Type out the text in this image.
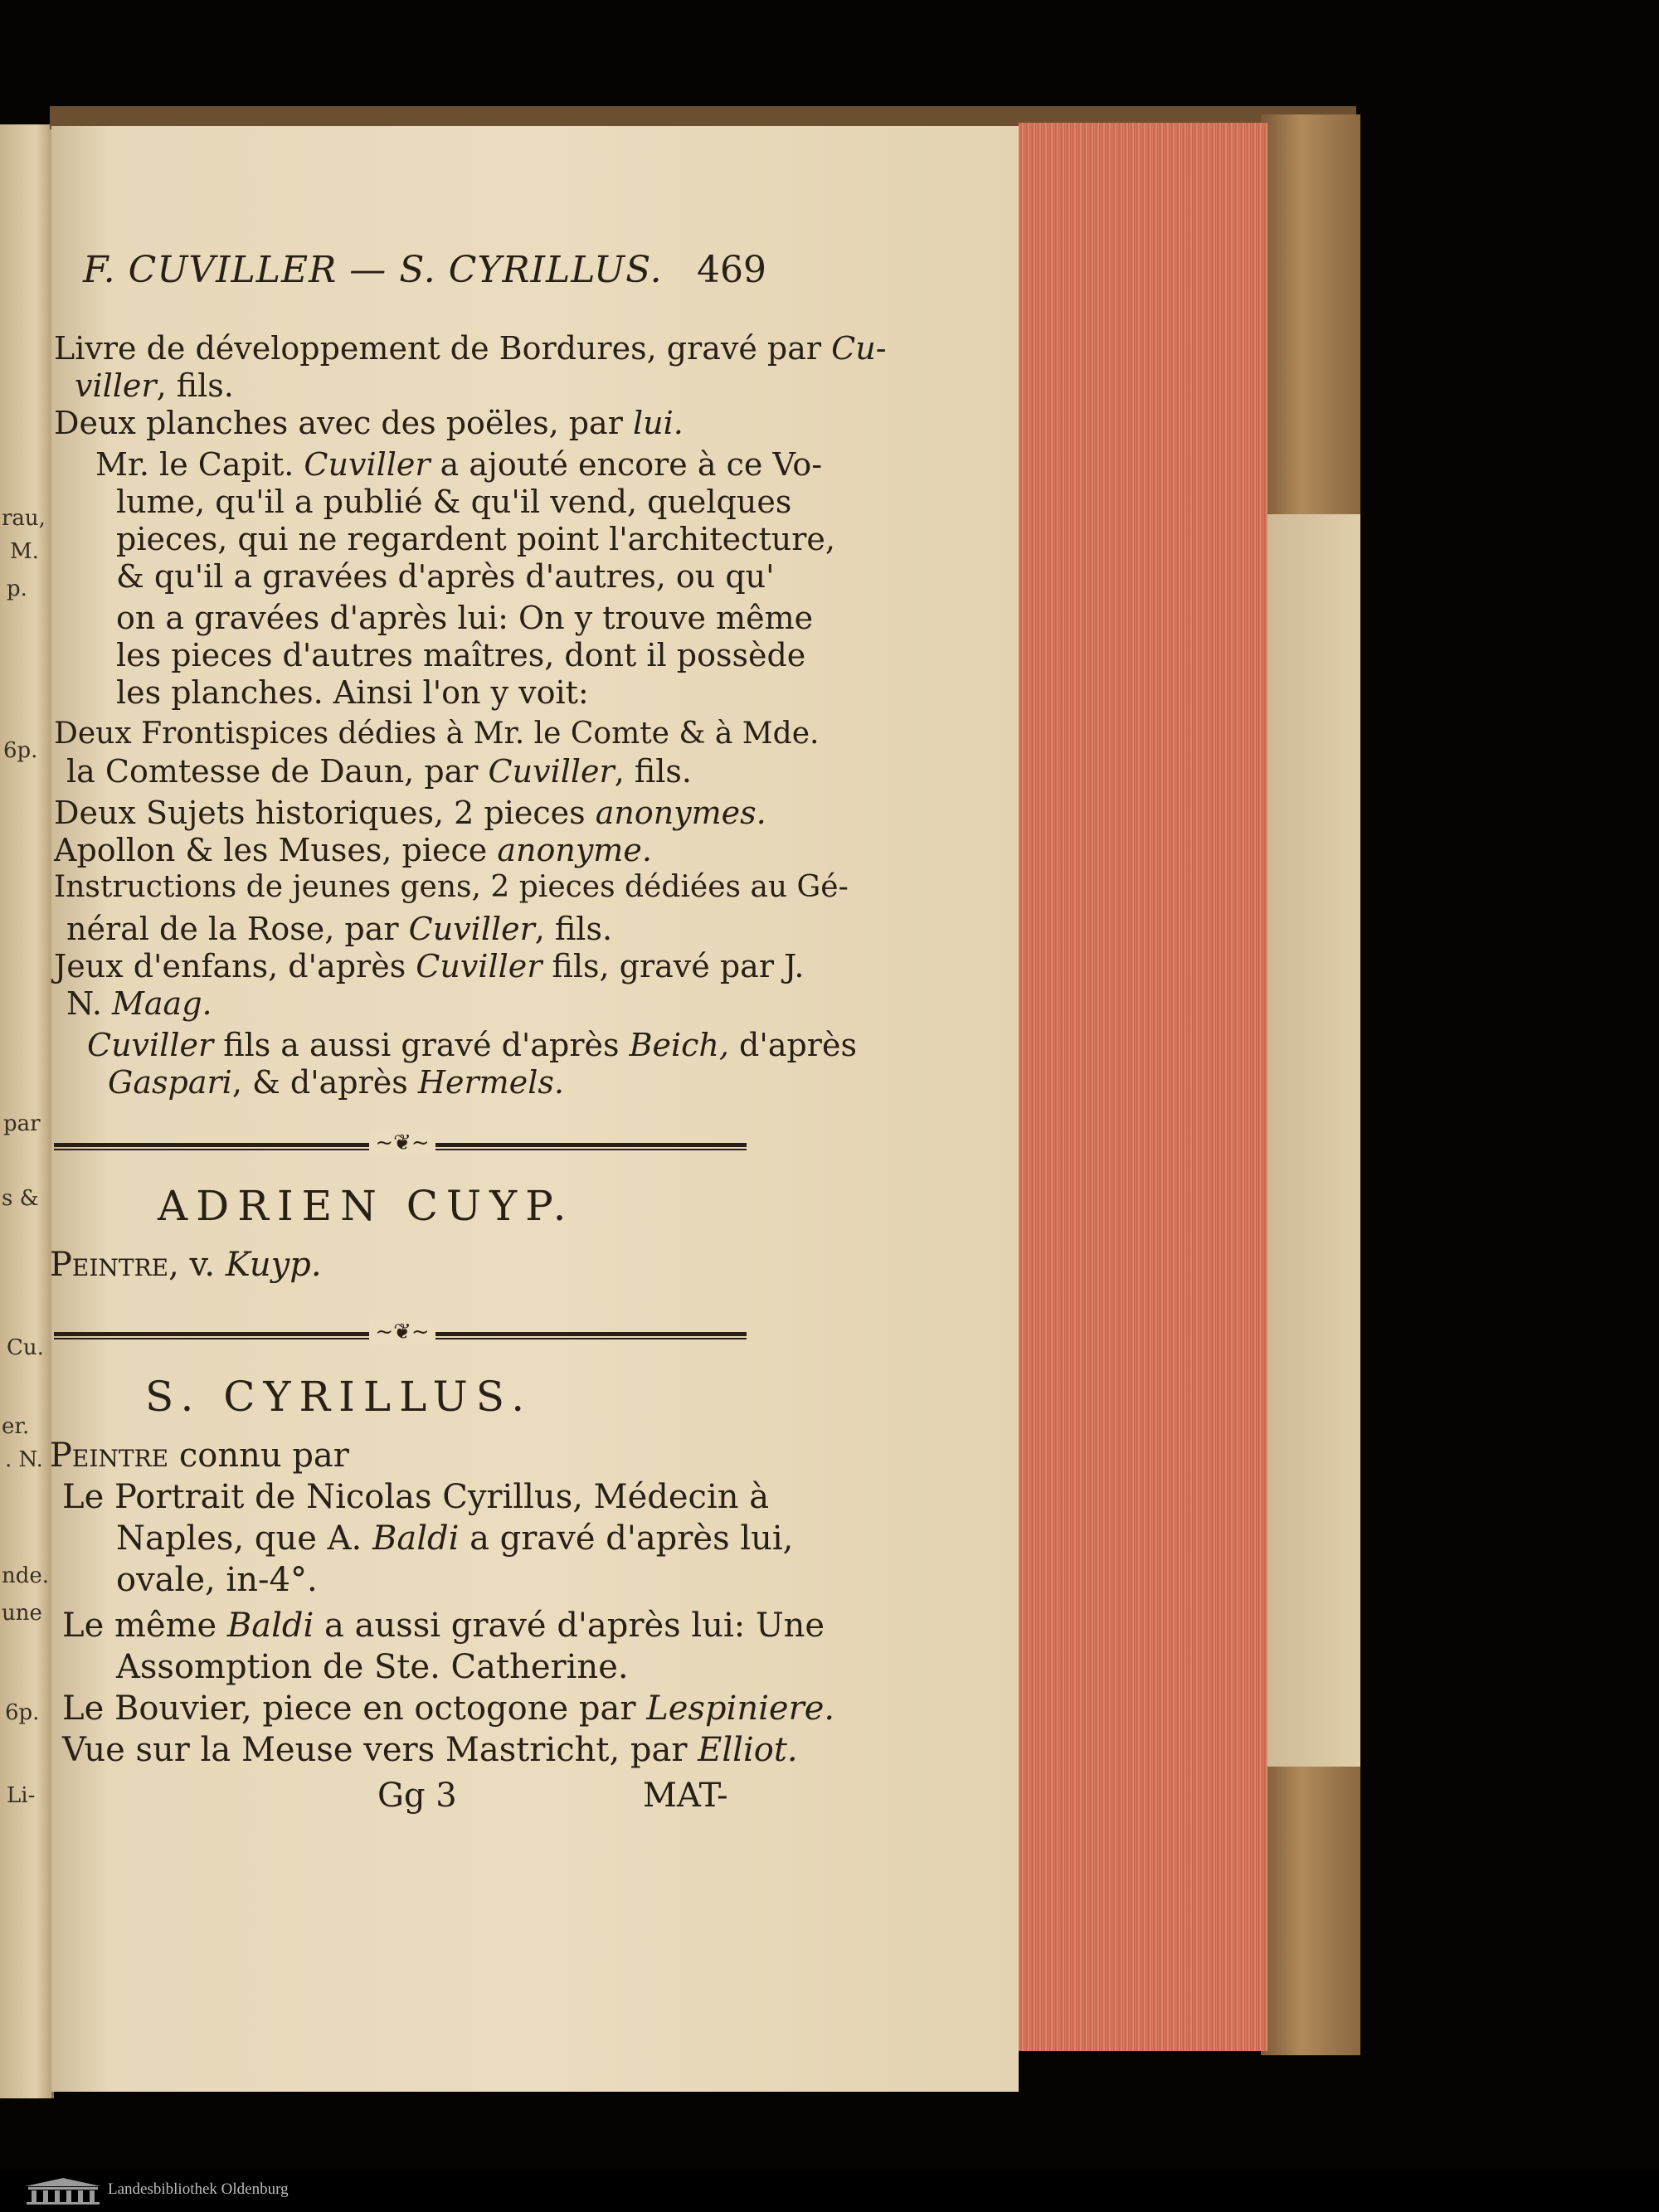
rau,
M.
p.
6p.
par
s &
Cu.
er.
. N.
nde.
une
6p.
Li-
F. CUVILLER — S. CYRILLUS. 469
Livre de développement de Bordures, gravé par Cu-
viller, fils.
Deux planches avec des poëles, par lui.
Mr. le Capit. Cuviller a ajouté encore à ce Vo-
lume, qu'il a publié & qu'il vend, quelques
pieces, qui ne regardent point l'architecture,
& qu'il a gravées d'après d'autres, ou qu'
on a gravées d'après lui: On y trouve même
les pieces d'autres maîtres, dont il possède
les planches. Ainsi l'on y voit:
Deux Frontispices dédies à Mr. le Comte & à Mde.
la Comtesse de Daun, par Cuviller, fils.
Deux Sujets historiques, 2 pieces anonymes.
Apollon & les Muses, piece anonyme.
Instructions de jeunes gens, 2 pieces dédiées au Gé-
néral de la Rose, par Cuviller, fils.
Jeux d'enfans, d'après Cuviller fils, gravé par J.
N. Maag.
Cuviller fils a aussi gravé d'après Beich, d'après
Gaspari, & d'après Hermels.
~❦~
ADRIEN CUYP.
Peintre, v. Kuyp.
~❦~
S. CYRILLUS.
Peintre connu par
Le Portrait de Nicolas Cyrillus, Médecin à
Naples, que A. Baldi a gravé d'après lui,
ovale, in-4°.
Le même Baldi a aussi gravé d'après lui: Une
Assomption de Ste. Catherine.
Le Bouvier, piece en octogone par Lespiniere.
Vue sur la Meuse vers Mastricht, par Elliot.
Gg 3	MAT-
Landesbibliothek Oldenburg
